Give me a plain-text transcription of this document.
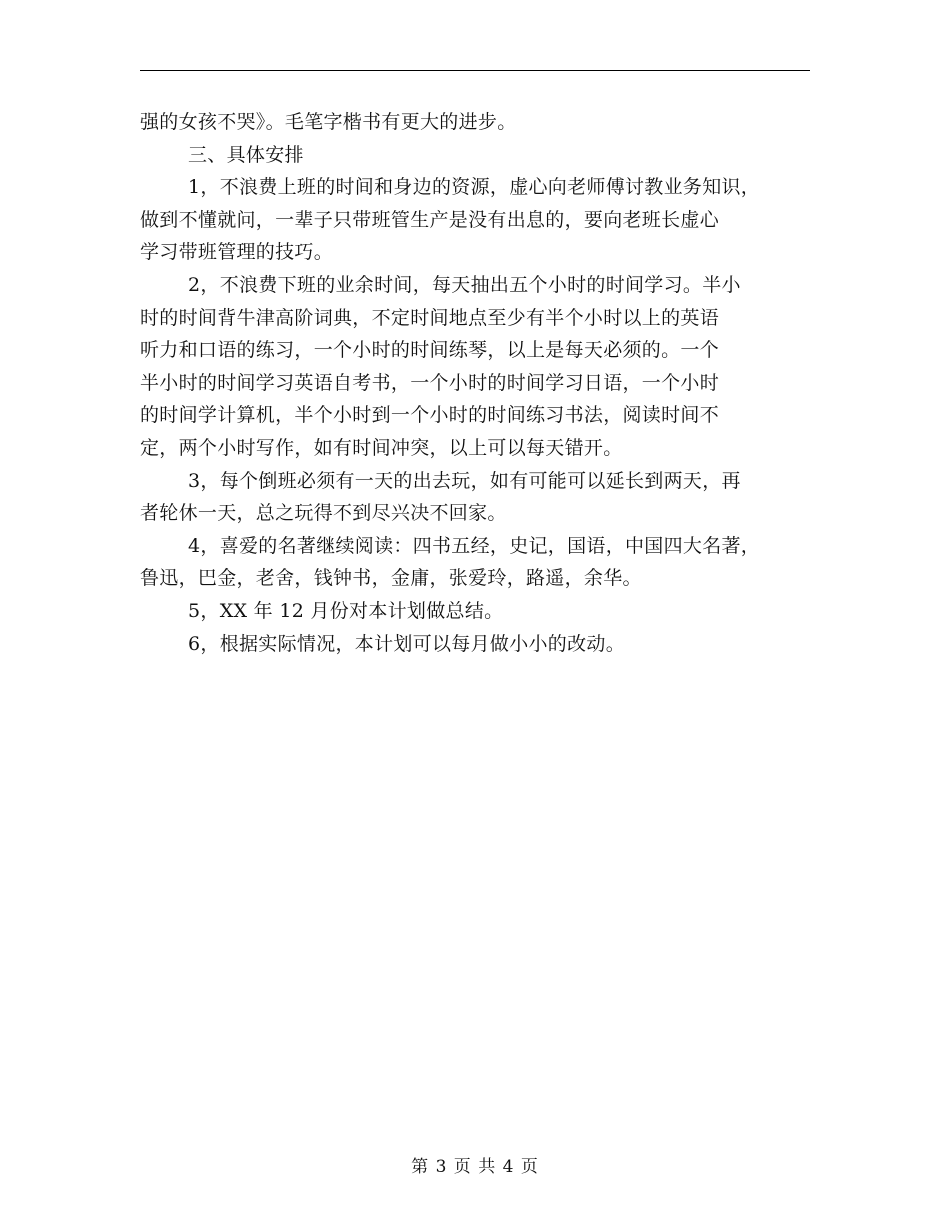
强的女孩不哭》。毛笔字楷书有更大的进步。
三、具体安排
1，不浪费上班的时间和身边的资源，虚心向老师傅讨教业务知识，
做到不懂就问，一辈子只带班管生产是没有出息的，要向老班长虚心
学习带班管理的技巧。
2，不浪费下班的业余时间，每天抽出五个小时的时间学习。半小
时的时间背牛津高阶词典，不定时间地点至少有半个小时以上的英语
听力和口语的练习，一个小时的时间练琴，以上是每天必须的。一个
半小时的时间学习英语自考书，一个小时的时间学习日语，一个小时
的时间学计算机，半个小时到一个小时的时间练习书法，阅读时间不
定，两个小时写作，如有时间冲突，以上可以每天错开。
3，每个倒班必须有一天的出去玩，如有可能可以延长到两天，再
者轮休一天，总之玩得不到尽兴决不回家。
4，喜爱的名著继续阅读：四书五经，史记，国语，中国四大名著，
鲁迅，巴金，老舍，钱钟书，金庸，张爱玲，路遥，余华。
5，XX 年 12 月份对本计划做总结。
6，根据实际情况，本计划可以每月做小小的改动。
第 3 页 共 4 页
